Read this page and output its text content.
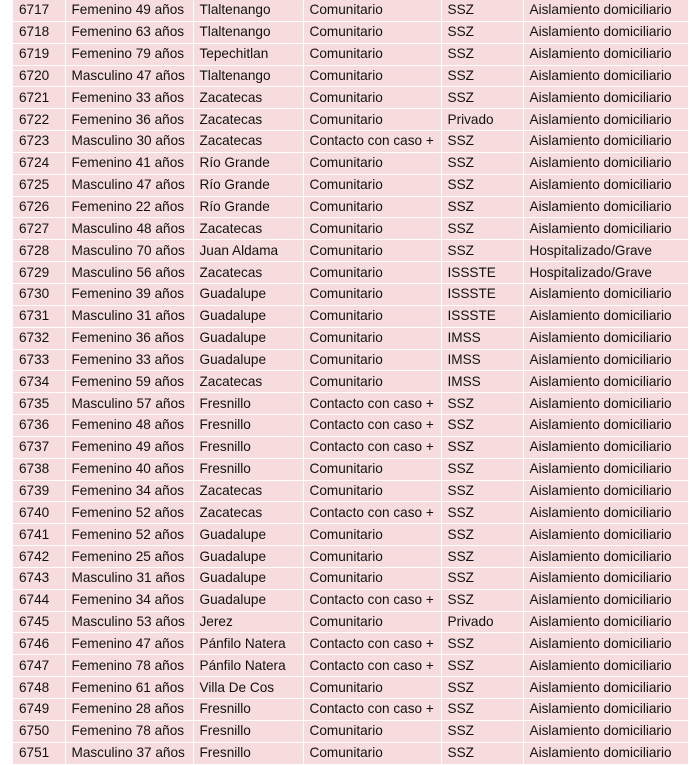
6717	Femenino 49 años	Tlaltenango	Comunitario	SSZ	Aislamiento domiciliario
6718	Femenino 63 años	Tlaltenango	Comunitario	SSZ	Aislamiento domiciliario
6719	Femenino 79 años	Tepechitlan	Comunitario	SSZ	Aislamiento domiciliario
6720	Masculino 47 años	Tlaltenango	Comunitario	SSZ	Aislamiento domiciliario
6721	Femenino 33 años	Zacatecas	Comunitario	SSZ	Aislamiento domiciliario
6722	Femenino 36 años	Zacatecas	Comunitario	Privado	Aislamiento domiciliario
6723	Masculino 30 años	Zacatecas	Contacto con caso +	SSZ	Aislamiento domiciliario
6724	Femenino 41 años	Río Grande	Comunitario	SSZ	Aislamiento domiciliario
6725	Masculino 47 años	Río Grande	Comunitario	SSZ	Aislamiento domiciliario
6726	Femenino 22 años	Río Grande	Comunitario	SSZ	Aislamiento domiciliario
6727	Masculino 48 años	Zacatecas	Comunitario	SSZ	Aislamiento domiciliario
6728	Masculino 70 años	Juan Aldama	Comunitario	SSZ	Hospitalizado/Grave
6729	Masculino 56 años	Zacatecas	Comunitario	ISSSTE	Hospitalizado/Grave
6730	Femenino 39 años	Guadalupe	Comunitario	ISSSTE	Aislamiento domiciliario
6731	Masculino 31 años	Guadalupe	Comunitario	ISSSTE	Aislamiento domiciliario
6732	Femenino 36 años	Guadalupe	Comunitario	IMSS	Aislamiento domiciliario
6733	Femenino 33 años	Guadalupe	Comunitario	IMSS	Aislamiento domiciliario
6734	Femenino 59 años	Zacatecas	Comunitario	IMSS	Aislamiento domiciliario
6735	Masculino 57 años	Fresnillo	Contacto con caso +	SSZ	Aislamiento domiciliario
6736	Femenino 48 años	Fresnillo	Contacto con caso +	SSZ	Aislamiento domiciliario
6737	Femenino 49 años	Fresnillo	Contacto con caso +	SSZ	Aislamiento domiciliario
6738	Femenino 40 años	Fresnillo	Comunitario	SSZ	Aislamiento domiciliario
6739	Femenino 34 años	Zacatecas	Comunitario	SSZ	Aislamiento domiciliario
6740	Femenino 52 años	Zacatecas	Contacto con caso +	SSZ	Aislamiento domiciliario
6741	Femenino 52 años	Guadalupe	Comunitario	SSZ	Aislamiento domiciliario
6742	Femenino 25 años	Guadalupe	Comunitario	SSZ	Aislamiento domiciliario
6743	Masculino 31 años	Guadalupe	Comunitario	SSZ	Aislamiento domiciliario
6744	Femenino 34 años	Guadalupe	Contacto con caso +	SSZ	Aislamiento domiciliario
6745	Masculino 53 años	Jerez	Comunitario	Privado	Aislamiento domiciliario
6746	Femenino 47 años	Pánfilo Natera	Contacto con caso +	SSZ	Aislamiento domiciliario
6747	Femenino 78 años	Pánfilo Natera	Contacto con caso +	SSZ	Aislamiento domiciliario
6748	Femenino 61 años	Villa De Cos	Comunitario	SSZ	Aislamiento domiciliario
6749	Femenino 28 años	Fresnillo	Contacto con caso +	SSZ	Aislamiento domiciliario
6750	Femenino 78 años	Fresnillo	Comunitario	SSZ	Aislamiento domiciliario
6751	Masculino 37 años	Fresnillo	Comunitario	SSZ	Aislamiento domiciliario
